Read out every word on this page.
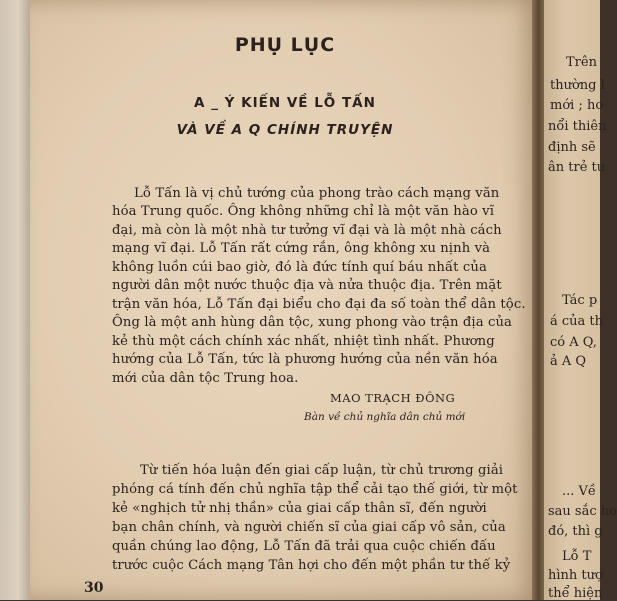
PHỤ LỤC
A _ Ý KIẾN VỀ LỖ TẤN
VÀ VỀ A Q CHÍNH TRUYỆN
Lỗ Tấn là vị chủ tướng của phong trào cách mạng văn
hóa Trung quốc. Ông không những chỉ là một văn hào vĩ
đại, mà còn là một nhà tư tưởng vĩ đại và là một nhà cách
mạng vĩ đại. Lỗ Tấn rất cứng rắn, ông không xu nịnh và
không luồn cúi bao giờ, đó là đức tính quí báu nhất của
người dân một nước thuộc địa và nửa thuộc địa. Trên mặt
trận văn hóa, Lỗ Tấn đại biểu cho đại đa số toàn thể dân tộc.
Ông là một anh hùng dân tộc, xung phong vào trận địa của
kẻ thù một cách chính xác nhất, nhiệt tình nhất. Phương
hướng của Lỗ Tấn, tức là phương hướng của nền văn hóa
mới của dân tộc Trung hoa.
MAO TRẠCH ĐÔNG
Bàn về chủ nghĩa dân chủ mới
Từ tiến hóa luận đến giai cấp luận, từ chủ trương giải
phóng cá tính đến chủ nghĩa tập thể cải tạo thế giới, từ một
kẻ «nghịch tử nhị thần» của giai cấp thân sĩ, đến người
bạn chân chính, và người chiến sĩ của giai cấp vô sản, của
quần chúng lao động, Lỗ Tấn đã trải qua cuộc chiến đấu
trước cuộc Cách mạng Tân hợi cho đến một phần tư thế kỷ
30
Trên
thường l
mới ; ho
nổi thiên
định sẽ
ân trẻ tu
Tác p
á của th
có A Q,
ả A Q
... Về
sau sắc ho
đó, thì g
Lỗ T
hình tượ
thể hiện
